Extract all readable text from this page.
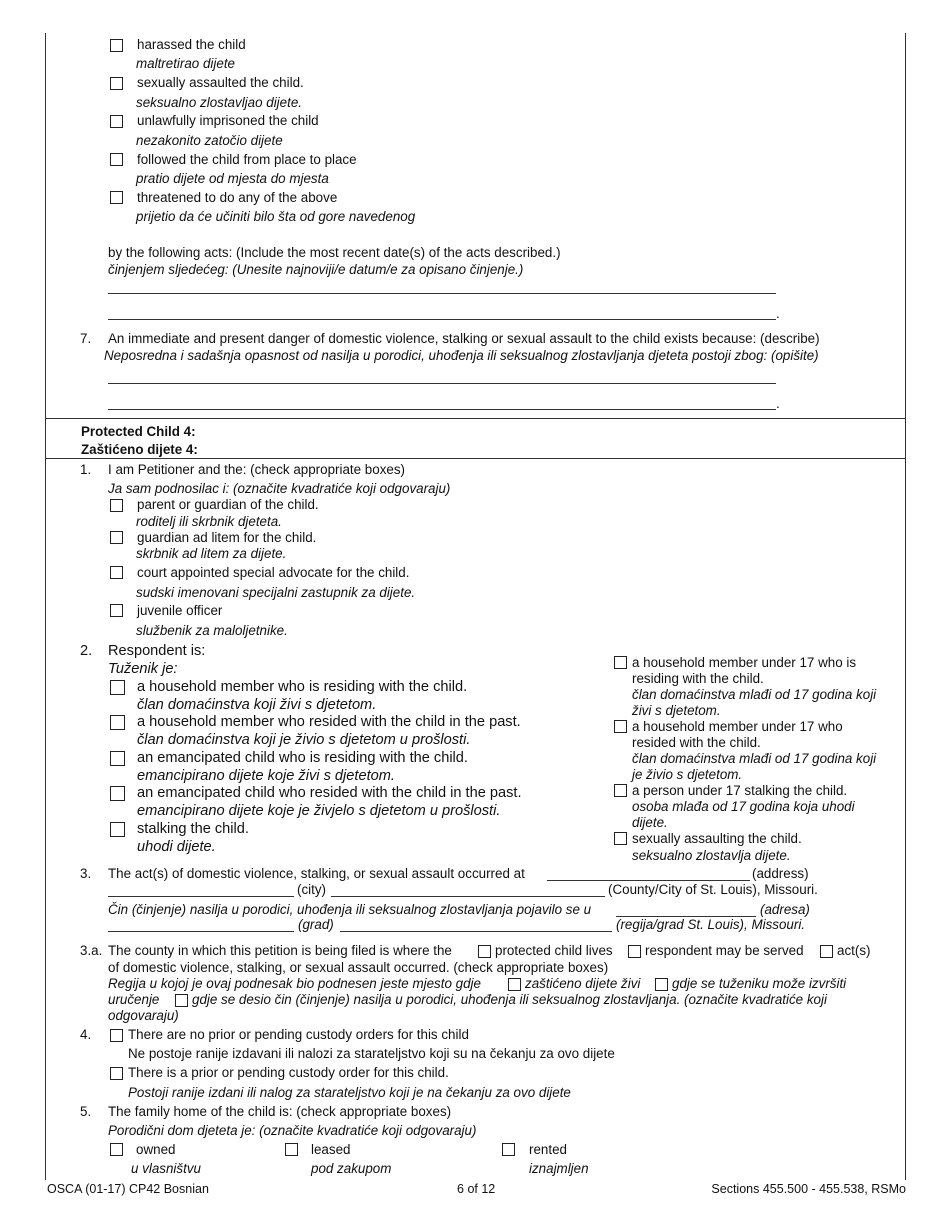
harassed the child
maltretirao dijete
sexually assaulted the child.
seksualno zlostavljao dijete.
unlawfully imprisoned the child
nezakonito zatočio dijete
followed the child from place to place
pratio dijete od mjesta do mjesta
threatened to do any of the above
prijetio da će učiniti bilo šta od gore navedenog
by the following acts: (Include the most recent date(s) of the acts described.)
činjenjem sljedećeg: (Unesite najnoviji/e datum/e za opisano činjenje.)
.
7. An immediate and present danger of domestic violence, stalking or sexual assault to the child exists because: (describe)
Neposredna i sadašnja opasnost od nasilja u porodici, uhođenja ili seksualnog zlostavljanja djeteta postoji zbog: (opišite)
.
Protected Child 4:
Zaštićeno dijete 4:
1. I am Petitioner and the: (check appropriate boxes)
Ja sam podnosilac i: (označite kvadratiće koji odgovaraju)
parent or guardian of the child.
roditelj ili skrbnik djeteta.
guardian ad litem for the child.
skrbnik ad litem za dijete.
court appointed special advocate for the child.
sudski imenovani specijalni zastupnik za dijete.
juvenile officer
službenik za maloljetnike.
2. Respondent is:
Tuženik je:
a household member who is residing with the child.
član domaćinstva koji živi s djetetom.
a household member who resided with the child in the past.
član domaćinstva koji je živio s djetetom u prošlosti.
an emancipated child who is residing with the child.
emancipirano dijete koje živi s djetetom.
an emancipated child who resided with the child in the past.
emancipirano dijete koje je živjelo s djetetom u prošlosti.
stalking the child.
uhodi dijete.
a household member under 17 who is
residing with the child.
član domaćinstva mlađi od 17 godina koji
živi s djetetom.
a household member under 17 who
resided with the child.
član domaćinstva mlađi od 17 godina koji
je živio s djetetom.
a person under 17 stalking the child.
osoba mlađa od 17 godina koja uhodi
dijete.
sexually assaulting the child.
seksualno zlostavlja dijete.
3. The act(s) of domestic violence, stalking, or sexual assault occurred at	(address)
(city)	(County/City of St. Louis), Missouri.
Čin (činjenje) nasilja u porodici, uhođenja ili seksualnog zlostavljanja pojavilo se u	(adresa)
(grad)	(regija/grad St. Louis), Missouri.
3.a. The county in which this petition is being filed is where the	protected child lives respondent may be served act(s)
of domestic violence, stalking, or sexual assault occurred. (check appropriate boxes)
Regija u kojoj je ovaj podnesak bio podnesen jeste mjesto gdje	zaštićeno dijete živi gdje se tuženiku može izvršiti
uručenje gdje se desio čin (činjenje) nasilja u porodici, uhođenja ili seksualnog zlostavljanja. (označite kvadratiće koji
odgovaraju)
4.	There are no prior or pending custody orders for this child
Ne postoje ranije izdavani ili nalozi za starateljstvo koji su na čekanju za ovo dijete
There is a prior or pending custody order for this child.
Postoji ranije izdani ili nalog za starateljstvo koji je na čekanju za ovo dijete
5. The family home of the child is: (check appropriate boxes)
Porodični dom djeteta je: (označite kvadratiće koji odgovaraju)
owned
u vlasništvu
leased
pod zakupom
rented
iznajmljen
OSCA (01-17) CP42 Bosnian	6 of 12	Sections 455.500 - 455.538, RSMo
